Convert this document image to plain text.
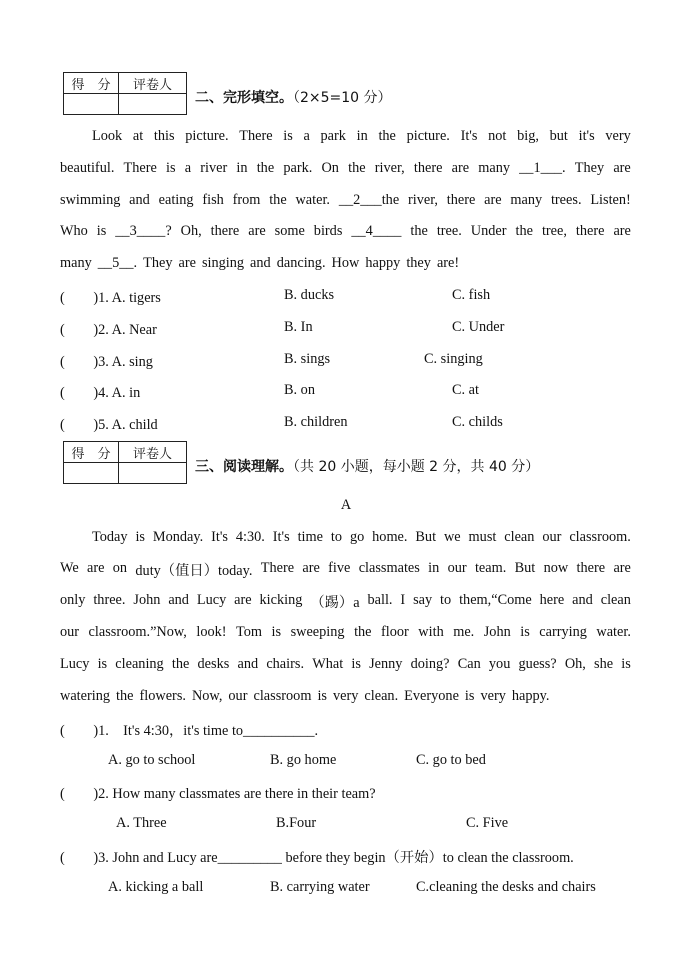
得　分	评卷人

二、完形填空。（2×5=10 分）
Look at this picture. There is a park in the picture. It's not big, but it's very
beautiful. There is a river in the park. On the river, there are many __1___. They are
swimming and eating fish from the water. __2___the river, there are many trees. Listen!
Who is __3____? Oh, there are some birds __4____ the tree. Under the tree, there are
many __5__. They are singing and dancing. How happy they are!
(　　)1. A. tigers	B. ducks	C. fish
(　　)2. A. Near	B. In	C. Under
(　　)3. A. sing	B. sings	C. singing
(　　)4. A. in	B. on	C. at
(　　)5. A. child	B. children	C. childs
得　分	评卷人

三、阅读理解。（共 20 小题，每小题 2 分，共 40 分）
A
Today is Monday. It's 4:30. It's time to go home. But we must clean our classroom.
We are on duty（值日）today. There are five classmates in our team. But now there are
only three. John and Lucy are kicking （踢）a ball. I say to them,“Come here and clean
our classroom.”Now, look! Tom is sweeping the floor with me. John is carrying water.
Lucy is cleaning the desks and chairs. What is Jenny doing? Can you guess? Oh, she is
watering the flowers. Now, our classroom is very clean. Everyone is very happy.
(　　)1.　It's 4:30，it's time to__________.
A. go to school	B. go home	C. go to bed
(　　)2. How many classmates are there in their team?
A. Three	B.Four	C. Five
(　　)3. John and Lucy are_________ before they begin（开始）to clean the classroom.
A. kicking a ball	B. carrying water	C.cleaning the desks and chairs
